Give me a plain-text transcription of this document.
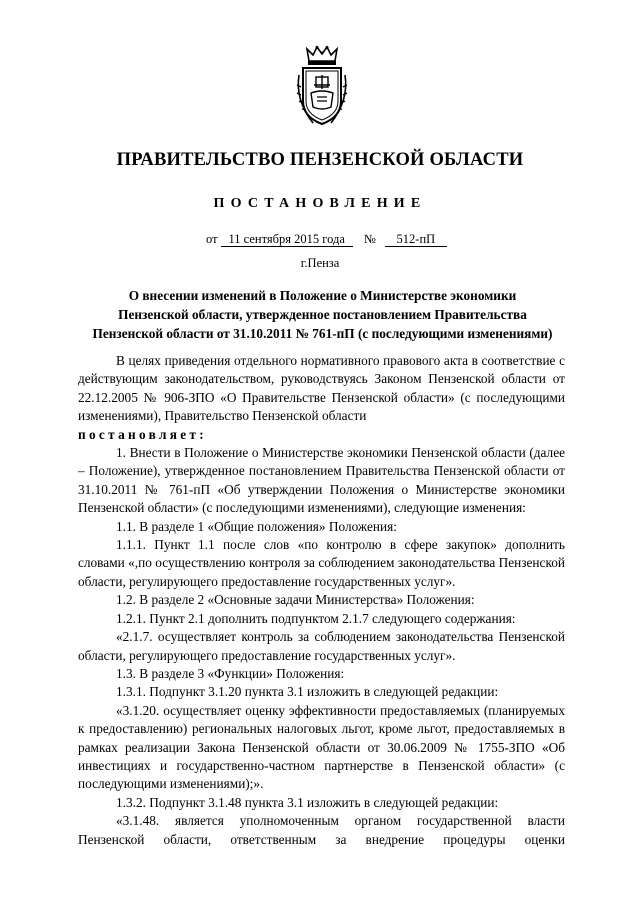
ПРАВИТЕЛЬСТВО ПЕНЗЕНСКОЙ ОБЛАСТИ
ПОСТАНОВЛЕНИЕ
от 11 сентября 2015 года № 512-пП
г.Пенза
О внесении изменений в Положение о Министерстве экономики
Пензенской области, утвержденное постановлением Правительства
Пензенской области от 31.10.2011 № 761-пП (с последующими изменениями)

В целях приведения отдельного нормативного правового акта в соответствие с действующим законодательством, руководствуясь Законом Пензенской области от 22.12.2005 № 906-ЗПО «О Правительстве Пензенской области» (с последующими изменениями), Правительство Пензенской области

постановляет:

1. Внести в Положение о Министерстве экономики Пензенской области (далее – Положение), утвержденное постановлением Правительства Пензенской области от 31.10.2011 № 761-пП «Об утверждении Положения о Министерстве экономики Пензенской области» (с последующими изменениями), следующие изменения:

1.1. В разделе 1 «Общие положения» Положения:

1.1.1. Пункт 1.1 после слов «по контролю в сфере закупок» дополнить словами «,по осуществлению контроля за соблюдением законодательства Пензенской области, регулирующего предоставление государственных услуг».

1.2. В разделе 2 «Основные задачи Министерства» Положения:

1.2.1. Пункт 2.1 дополнить подпунктом 2.1.7 следующего содержания:

«2.1.7. осуществляет контроль за соблюдением законодательства Пензенской области, регулирующего предоставление государственных услуг».

1.3. В разделе 3 «Функции» Положения:

1.3.1. Подпункт 3.1.20 пункта 3.1 изложить в следующей редакции:

«3.1.20. осуществляет оценку эффективности предоставляемых (планируемых к предоставлению) региональных налоговых льгот, кроме льгот, предоставляемых в рамках реализации Закона Пензенской области от 30.06.2009 № 1755-ЗПО «Об инвестициях и государственно-частном партнерстве в Пензенской области» (с последующими изменениями);».

1.3.2. Подпункт 3.1.48 пункта 3.1 изложить в следующей редакции:

«3.1.48. является уполномоченным органом государственной власти Пензенской области, ответственным за внедрение процедуры оценки
